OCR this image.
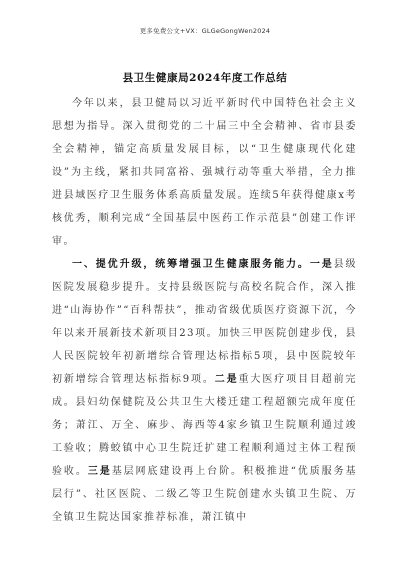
更多免费公文+VX：GLGeGongWen2024
县卫生健康局2024年度工作总结

今年以来，县卫健局以习近平新时代中国特色社会主义思想为指导。深入贯彻党的二十届三中全会精神、省市县委全会精神，锚定高质量发展目标，以“卫生健康现代化建设”为主线，紧扣共同富裕、强城行动等重大举措，全力推进县域医疗卫生服务体系高质量发展。连续5年获得健康x考核优秀，顺利完成“全国基层中医药工作示范县”创建工作评审。

一、提优升级，统筹增强卫生健康服务能力。一是县级医院发展稳步提升。支持县级医院与高校名院合作，深入推进“山海协作”“百科帮扶”，推动省级优质医疗资源下沉，今年以来开展新技术新项目23项。加快三甲医院创建步伐，县人民医院较年初新增综合管理达标指标5项，县中医院较年初新增综合管理达标指标9项。二是重大医疗项目目超前完成。县妇幼保健院及公共卫生大楼迁建工程超额完成年度任务；萧江、万全、麻步、海西等4家乡镇卫生院顺利通过竣工验收；腾蛟镇中心卫生院迁扩建工程顺利通过主体工程预验收。三是基层网底建设再上台阶。积极推进“优质服务基层行”、社区医院、二级乙等卫生院创建水头镇卫生院、万全镇卫生院达国家推荐标准，萧江镇中
